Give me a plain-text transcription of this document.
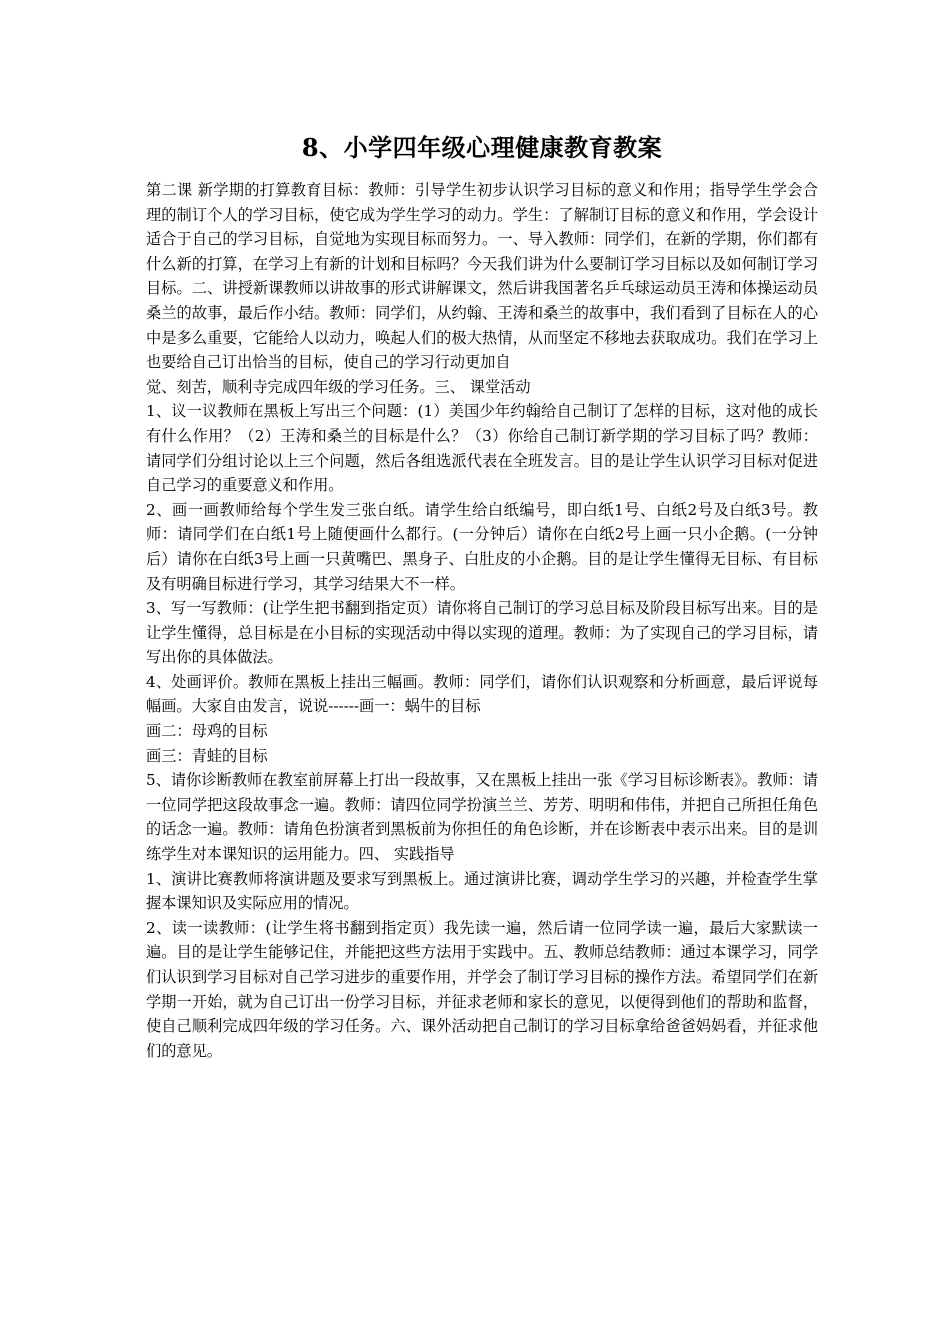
8、小学四年级心理健康教育教案

第二课 新学期的打算教育目标：教师：引导学生初步认识学习目标的意义和作用；指导学生学会合理的制订个人的学习目标，使它成为学生学习的动力。学生：了解制订目标的意义和作用，学会设计适合于自己的学习目标，自觉地为实现目标而努力。一、导入教师：同学们，在新的学期，你们都有什么新的打算，在学习上有新的计划和目标吗？今天我们讲为什么要制订学习目标以及如何制订学习目标。二、讲授新课教师以讲故事的形式讲解课文，然后讲我国著名乒乓球运动员王涛和体操运动员桑兰的故事，最后作小结。教师：同学们，从约翰、王涛和桑兰的故事中，我们看到了目标在人的心中是多么重要，它能给人以动力，唤起人们的极大热情，从而坚定不移地去获取成功。我们在学习上也要给自己订出恰当的目标，使自己的学习行动更加自

觉、刻苦，顺利寺完成四年级的学习任务。三、 课堂活动

1、议一议教师在黑板上写出三个问题：(1）美国少年约翰给自己制订了怎样的目标，这对他的成长有什么作用？（2）王涛和桑兰的目标是什么？（3）你给自己制订新学期的学习目标了吗？教师：请同学们分组讨论以上三个问题，然后各组选派代表在全班发言。目的是让学生认识学习目标对促进自己学习的重要意义和作用。

2、画一画教师给每个学生发三张白纸。请学生给白纸编号，即白纸1号、白纸2号及白纸3号。教师：请同学们在白纸1号上随便画什么都行。(一分钟后）请你在白纸2号上画一只小企鹅。(一分钟后）请你在白纸3号上画一只黄嘴巴、黑身子、白肚皮的小企鹅。目的是让学生懂得无目标、有目标及有明确目标进行学习，其学习结果大不一样。

3、写一写教师：(让学生把书翻到指定页）请你将自己制订的学习总目标及阶段目标写出来。目的是让学生懂得，总目标是在小目标的实现活动中得以实现的道理。教师：为了实现自己的学习目标，请写出你的具体做法。

4、处画评价。教师在黑板上挂出三幅画。教师：同学们，请你们认识观察和分析画意，最后评说每幅画。大家自由发言，说说------画一：蜗牛的目标

画二：母鸡的目标

画三：青蛙的目标

5、请你诊断教师在教室前屏幕上打出一段故事，又在黑板上挂出一张《学习目标诊断表》。教师：请一位同学把这段故事念一遍。教师：请四位同学扮演兰兰、芳芳、明明和伟伟，并把自己所担任角色的话念一遍。教师：请角色扮演者到黑板前为你担任的角色诊断，并在诊断表中表示出来。目的是训练学生对本课知识的运用能力。四、 实践指导

1、演讲比赛教师将演讲题及要求写到黑板上。通过演讲比赛，调动学生学习的兴趣，并检查学生掌握本课知识及实际应用的情况。

2、读一读教师：(让学生将书翻到指定页）我先读一遍，然后请一位同学读一遍，最后大家默读一遍。目的是让学生能够记住，并能把这些方法用于实践中。五、教师总结教师：通过本课学习，同学们认识到学习目标对自己学习进步的重要作用，并学会了制订学习目标的操作方法。希望同学们在新学期一开始，就为自己订出一份学习目标，并征求老师和家长的意见，以便得到他们的帮助和监督，使自己顺利完成四年级的学习任务。六、课外活动把自己制订的学习目标拿给爸爸妈妈看，并征求他们的意见。
